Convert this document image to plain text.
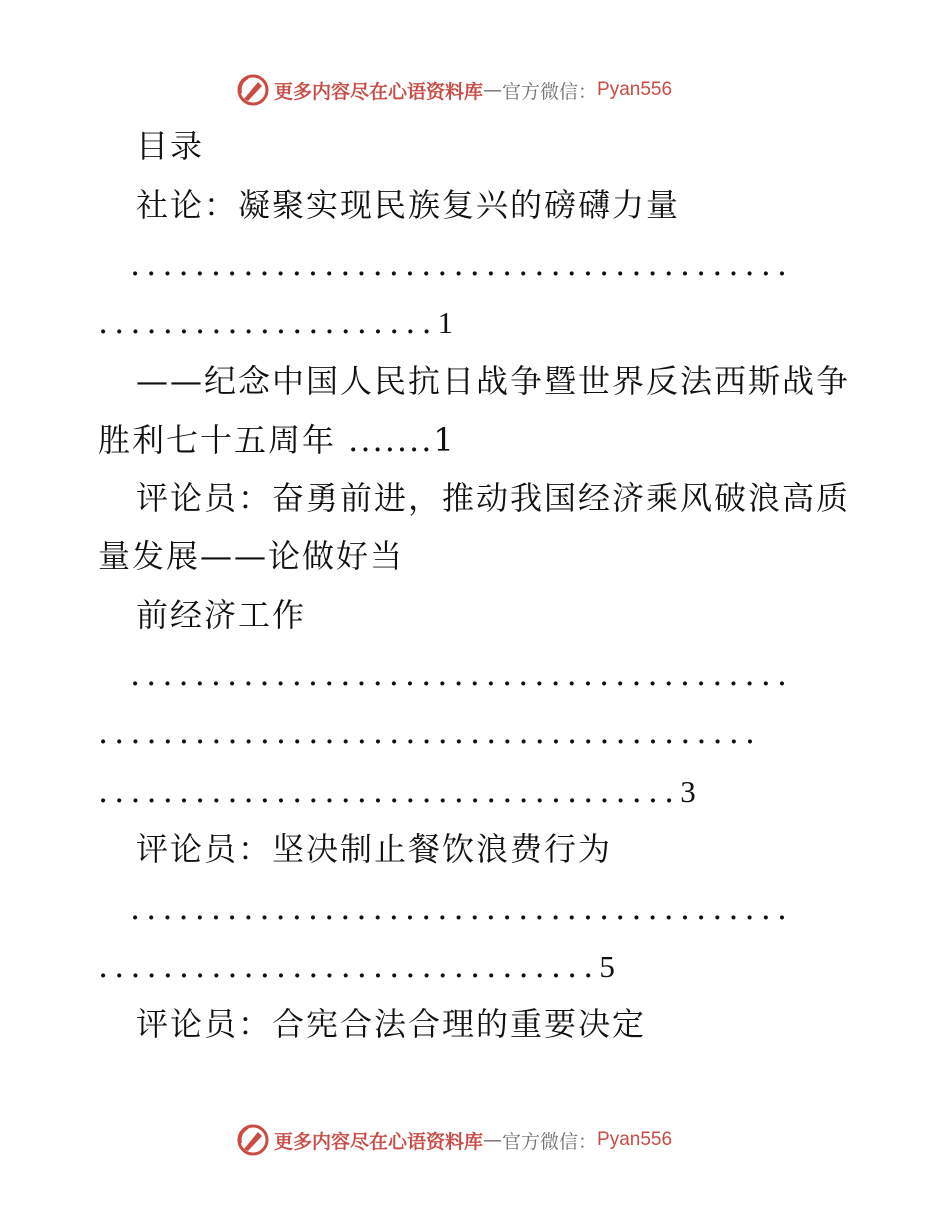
更多内容尽在心语资料库 — 官方微信： Pyan556
目录
社论：凝聚实现民族复兴的磅礴力量
.........................................
.....................1
——纪念中国人民抗日战争暨世界反法西斯战争
胜利七十五周年 .......1
评论员：奋勇前进，推动我国经济乘风破浪高质
量发展——论做好当
前经济工作
.........................................
.........................................
....................................3
评论员：坚决制止餐饮浪费行为
.........................................
...............................5
评论员：合宪合法合理的重要决定
更多内容尽在心语资料库 — 官方微信： Pyan556
